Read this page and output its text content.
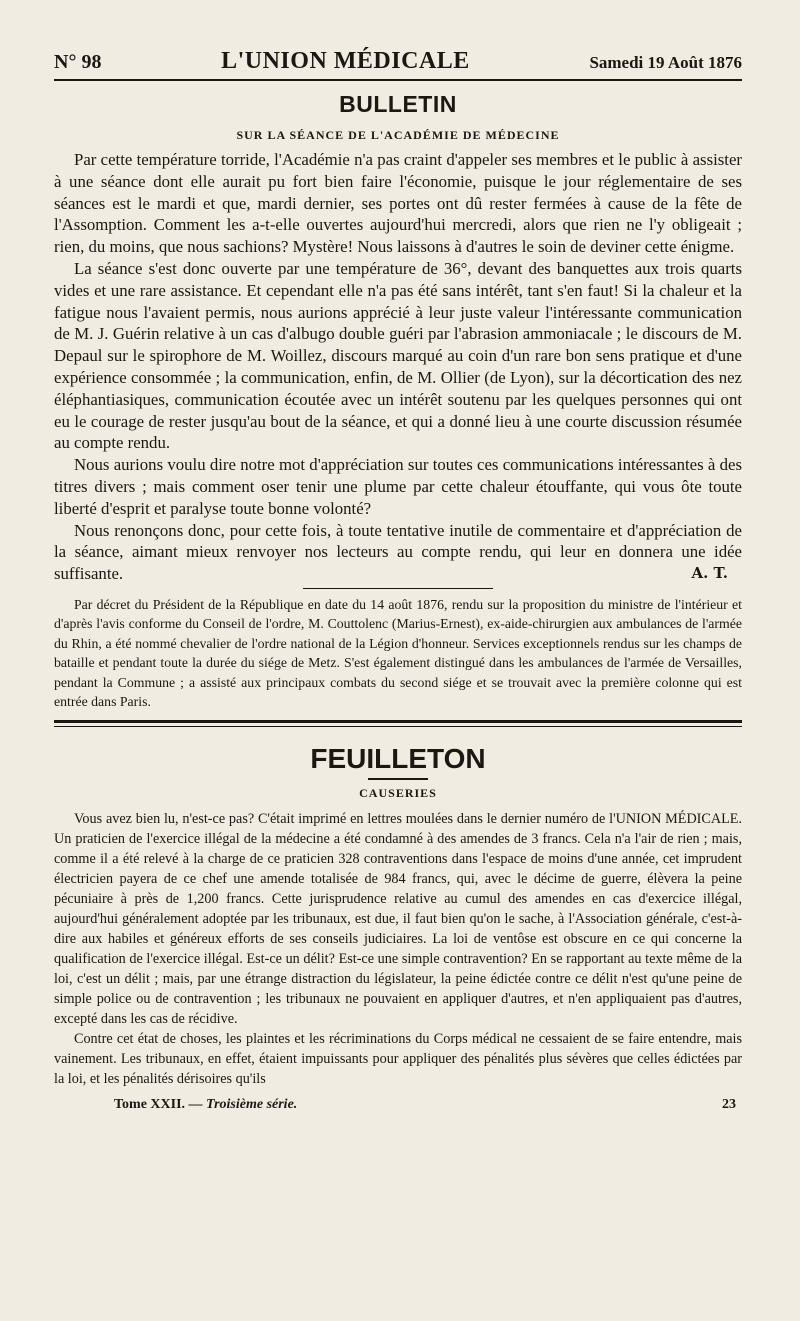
N° 98	L'UNION MÉDICALE	Samedi 19 Août 1876
BULLETIN
SUR LA SÉANCE DE L'ACADÉMIE DE MÉDECINE

Par cette température torride, l'Académie n'a pas craint d'appeler ses membres et le public à assister à une séance dont elle aurait pu fort bien faire l'économie, puisque le jour réglementaire de ses séances est le mardi et que, mardi dernier, ses portes ont dû rester fermées à cause de la fête de l'Assomption. Comment les a-t-elle ouvertes aujourd'hui mercredi, alors que rien ne l'y obligeait ; rien, du moins, que nous sachions? Mystère! Nous laissons à d'autres le soin de deviner cette énigme.

La séance s'est donc ouverte par une température de 36°, devant des banquettes aux trois quarts vides et une rare assistance. Et cependant elle n'a pas été sans intérêt, tant s'en faut! Si la chaleur et la fatigue nous l'avaient permis, nous aurions apprécié à leur juste valeur l'intéressante communication de M. J. Guérin relative à un cas d'albugo double guéri par l'abrasion ammoniacale ; le discours de M. Depaul sur le spirophore de M. Woillez, discours marqué au coin d'un rare bon sens pratique et d'une expérience consommée ; la communication, enfin, de M. Ollier (de Lyon), sur la décortication des nez éléphantiasiques, communication écoutée avec un intérêt soutenu par les quelques personnes qui ont eu le courage de rester jusqu'au bout de la séance, et qui a donné lieu à une courte discussion résumée au compte rendu.

Nous aurions voulu dire notre mot d'appréciation sur toutes ces communications intéressantes à des titres divers ; mais comment oser tenir une plume par cette chaleur étouffante, qui vous ôte toute liberté d'esprit et paralyse toute bonne volonté?

Nous renonçons donc, pour cette fois, à toute tentative inutile de commentaire et d'appréciation de la séance, aimant mieux renvoyer nos lecteurs au compte rendu, qui leur en donnera une idée suffisante.	A. T.

Par décret du Président de la République en date du 14 août 1876, rendu sur la proposition du ministre de l'intérieur et d'après l'avis conforme du Conseil de l'ordre, M. Couttolenc (Marius-Ernest), ex-aide-chirurgien aux ambulances de l'armée du Rhin, a été nommé chevalier de l'ordre national de la Légion d'honneur. Services exceptionnels rendus sur les champs de bataille et pendant toute la durée du siége de Metz. S'est également distingué dans les ambulances de l'armée de Versailles, pendant la Commune ; a assisté aux principaux combats du second siége et se trouvait avec la première colonne qui est entrée dans Paris.

FEUILLETON
CAUSERIES

Vous avez bien lu, n'est-ce pas? C'était imprimé en lettres moulées dans le dernier numéro de l'UNION MÉDICALE. Un praticien de l'exercice illégal de la médecine a été condamné à des amendes de 3 francs. Cela n'a l'air de rien ; mais, comme il a été relevé à la charge de ce praticien 328 contraventions dans l'espace de moins d'une année, cet imprudent électricien payera de ce chef une amende totalisée de 984 francs, qui, avec le décime de guerre, élèvera la peine pécuniaire à près de 1,200 francs. Cette jurisprudence relative au cumul des amendes en cas d'exercice illégal, aujourd'hui généralement adoptée par les tribunaux, est due, il faut bien qu'on le sache, à l'Association générale, c'est-à-dire aux habiles et généreux efforts de ses conseils judiciaires. La loi de ventôse est obscure en ce qui concerne la qualification de l'exercice illégal. Est-ce un délit? Est-ce une simple contravention? En se rapportant au texte même de la loi, c'est un délit ; mais, par une étrange distraction du législateur, la peine édictée contre ce délit n'est qu'une peine de simple police ou de contravention ; les tribunaux ne pouvaient en appliquer d'autres, et n'en appliquaient pas d'autres, excepté dans les cas de récidive.

Contre cet état de choses, les plaintes et les récriminations du Corps médical ne cessaient de se faire entendre, mais vainement. Les tribunaux, en effet, étaient impuissants pour appliquer des pénalités plus sévères que celles édictées par la loi, et les pénalités dérisoires qu'ils

Tome XXII. — Troisième série.	23
